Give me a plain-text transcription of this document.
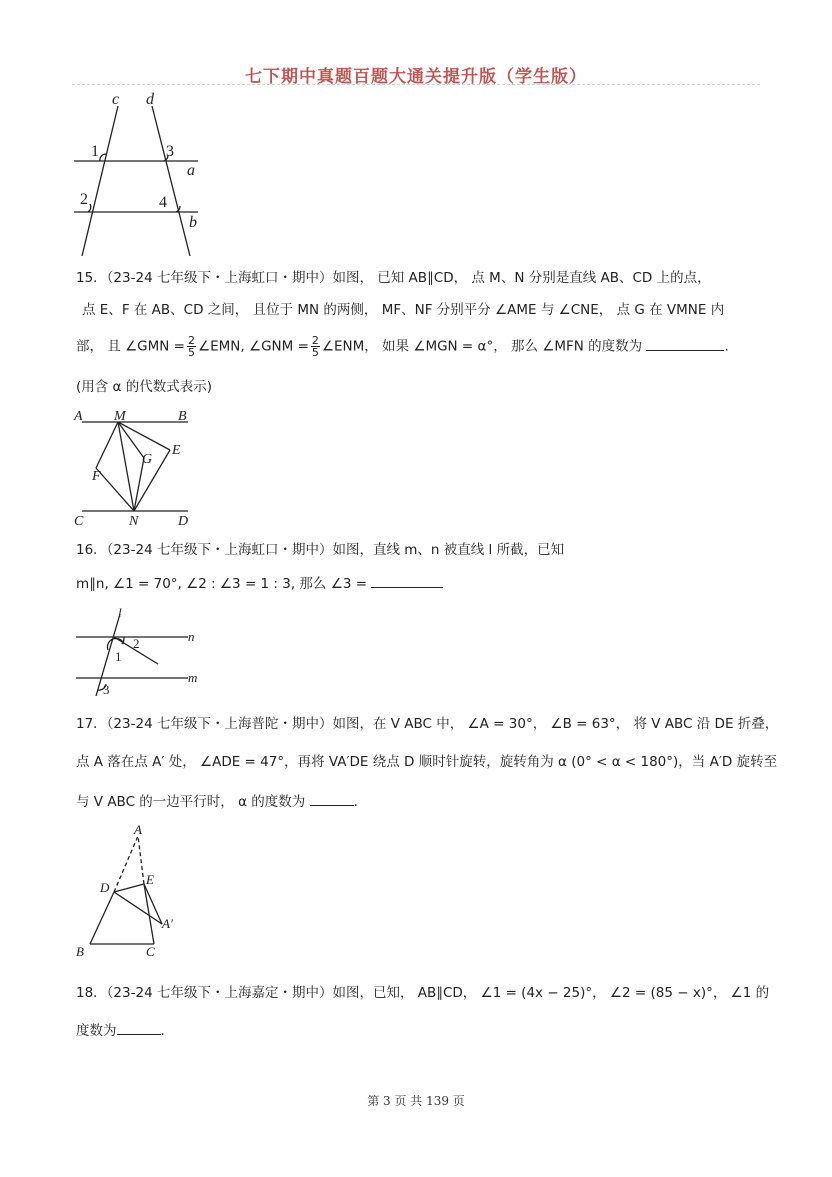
七下期中真题百题大通关提升版（学生版）
c d
a
b
1	3
2	4
15．（23-24 七年级下・上海虹口・期中）如图， 已知 AB∥CD， 点 M、N 分别是直线 AB、CD 上的点，
点 E、F 在 AB、CD 之间， 且位于 MN 的两侧， MF、NF 分别平分 ∠AME 与 ∠CNE， 点 G 在 VMNE 内
部， 且 ∠GMN = $\frac{2}{5}$ ∠EMN, ∠GNM = $\frac{2}{5}$ ∠ENM， 如果 ∠MGN = α°， 那么 ∠MFN 的度数为	.
(用含 α 的代数式表示)
A M	B
E
G
F
C	N	D
16．（23-24 七年级下・上海虹口・期中）如图，直线 m、n 被直线 l 所截，已知
m∥n, ∠1 = 70°, ∠2 : ∠3 = 1 : 3, 那么 ∠3 =
l
n
m
2
1
3
17．（23-24 七年级下・上海普陀・期中）如图，在 V ABC 中， ∠A = 30°， ∠B = 63°， 将 V ABC 沿 DE 折叠，
点 A 落在点 A′ 处， ∠ADE = 47°，再将 VA′DE 绕点 D 顺时针旋转，旋转角为 α (0° < α < 180°)，当 A′D 旋转至
与 V ABC 的一边平行时， α 的度数为	.
A
D
E
A′
B	C
18．（23-24 七年级下・上海嘉定・期中）如图，已知， AB∥CD， ∠1 = (4x − 25)°， ∠2 = (85 − x)°， ∠1 的
度数为	.
第 3 页 共 139 页
